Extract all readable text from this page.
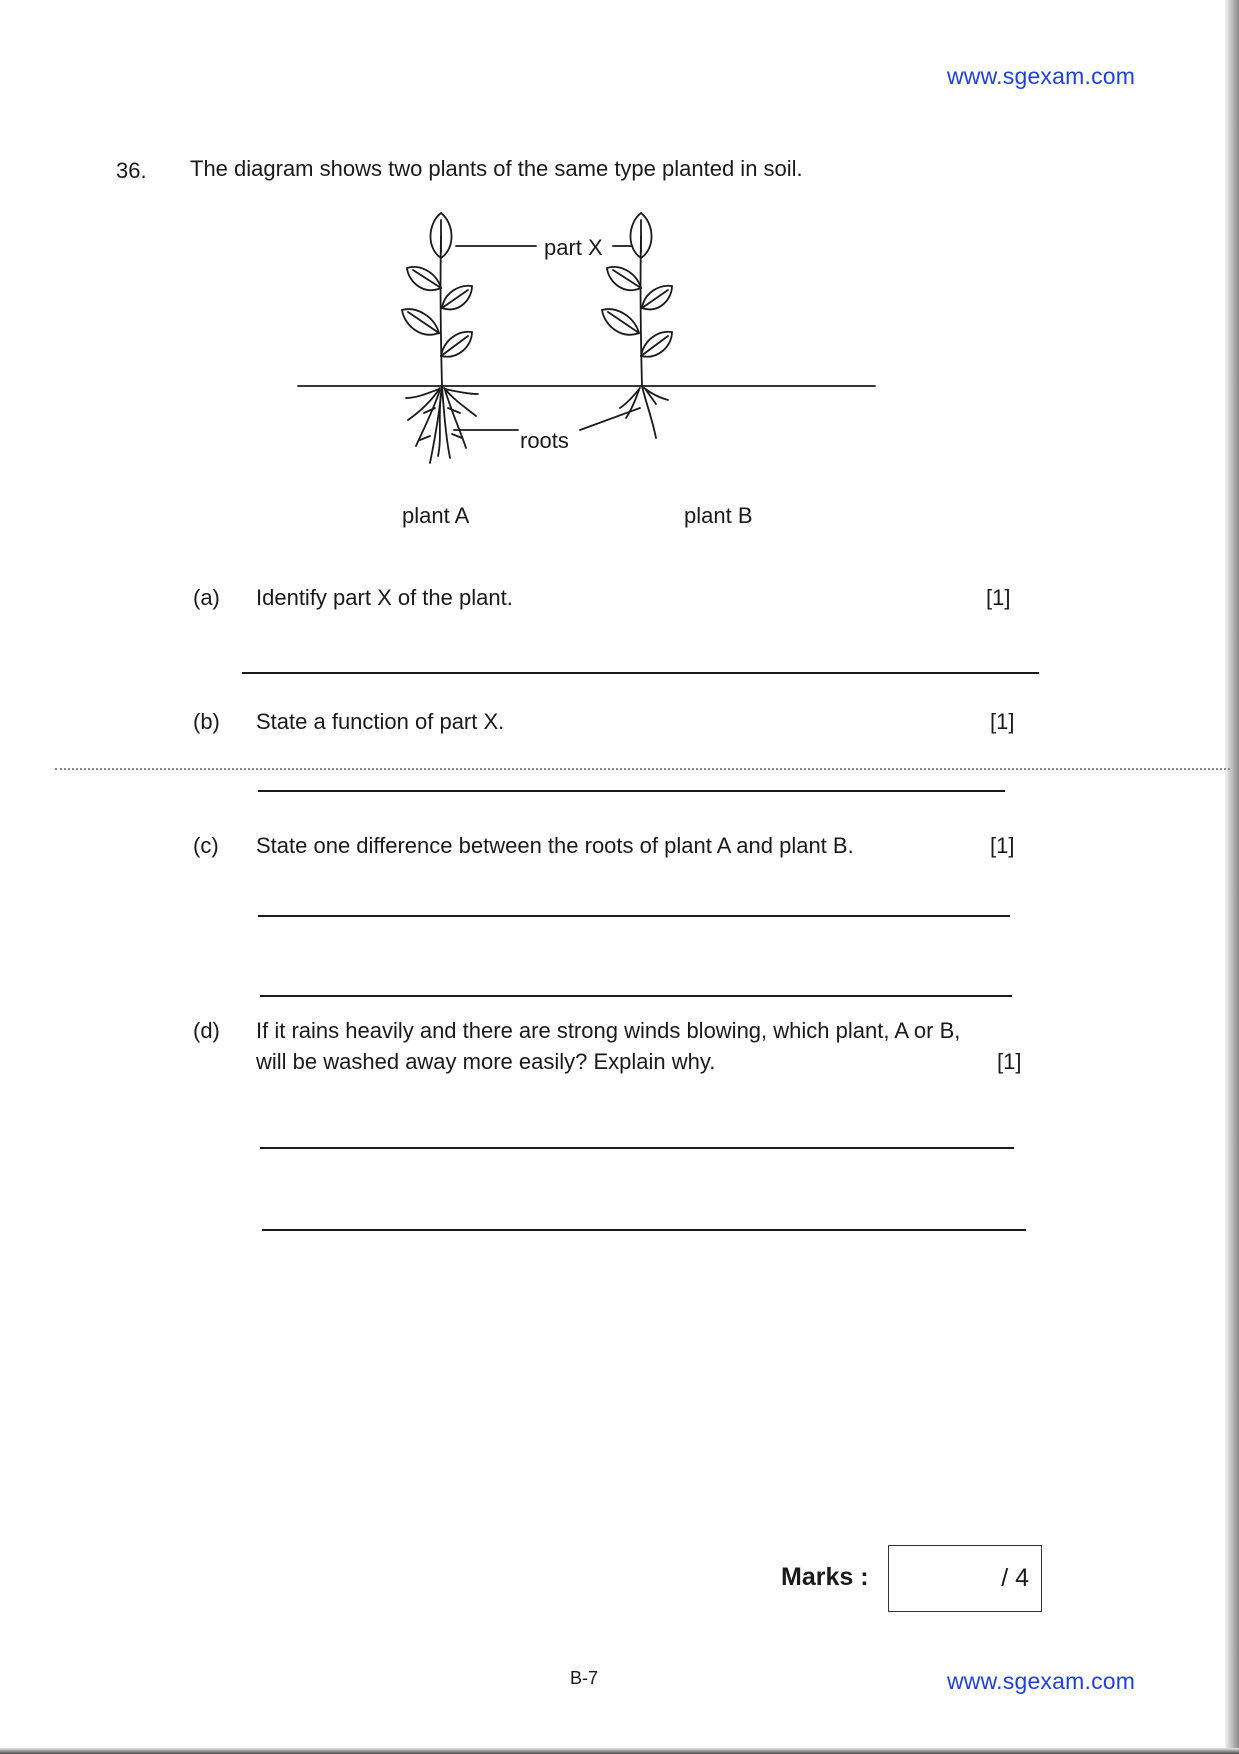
www.sgexam.com
36. The diagram shows two plants of the same type planted in soil.
part X
roots
plant A	plant B
(a) Identify part X of the plant.	[1]
(b) State a function of part X.	[1]
(c) State one difference between the roots of plant A and plant B.	[1]
(d) If it rains heavily and there are strong winds blowing, which plant, A or B,
will be washed away more easily? Explain why.	[1]
Marks :	/ 4
B-7	www.sgexam.com
